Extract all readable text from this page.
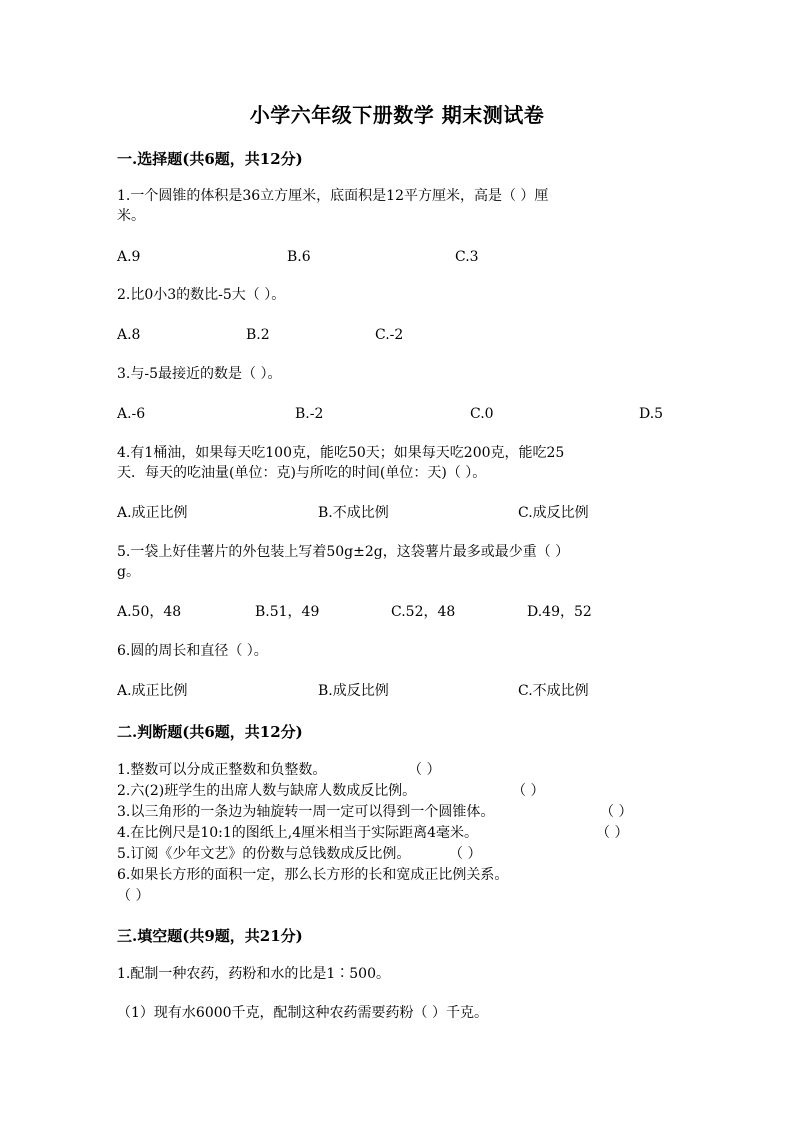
小学六年级下册数学 期末测试卷
一.选择题(共6题，共12分)
1.一个圆锥的体积是36立方厘米，底面积是12平方厘米，高是（ ）厘
米。
A.9	B.6	C.3
2.比0小3的数比-5大（ ）。
A.8	B.2	C.-2
3.与-5最接近的数是（ ）。
A.-6	B.-2	C.0	D.5
4.有1桶油，如果每天吃100克，能吃50天；如果每天吃200克，能吃25
天．每天的吃油量(单位：克)与所吃的时间(单位：天)（ ）。
A.成正比例	B.不成比例	C.成反比例
5.一袋上好佳薯片的外包装上写着50g±2g，这袋薯片最多或最少重（ ）
g。
A.50，48	B.51，49	C.52，48	D.49，52
6.圆的周长和直径（ ）。
A.成正比例	B.成反比例	C.不成比例
二.判断题(共6题，共12分)
1.整数可以分成正整数和负整数。	（ ）
2.六(2)班学生的出席人数与缺席人数成反比例。	（ ）
3.以三角形的一条边为轴旋转一周一定可以得到一个圆锥体。	（ ）
4.在比例尺是10:1的图纸上,4厘米相当于实际距离4毫米。	（ ）
5.订阅《少年文艺》的份数与总钱数成反比例。	（ ）
6.如果长方形的面积一定，那么长方形的长和宽成正比例关系。
（ ）
三.填空题(共9题，共21分)
1.配制一种农药，药粉和水的比是1∶500。
（1）现有水6000千克，配制这种农药需要药粉（ ）千克。
